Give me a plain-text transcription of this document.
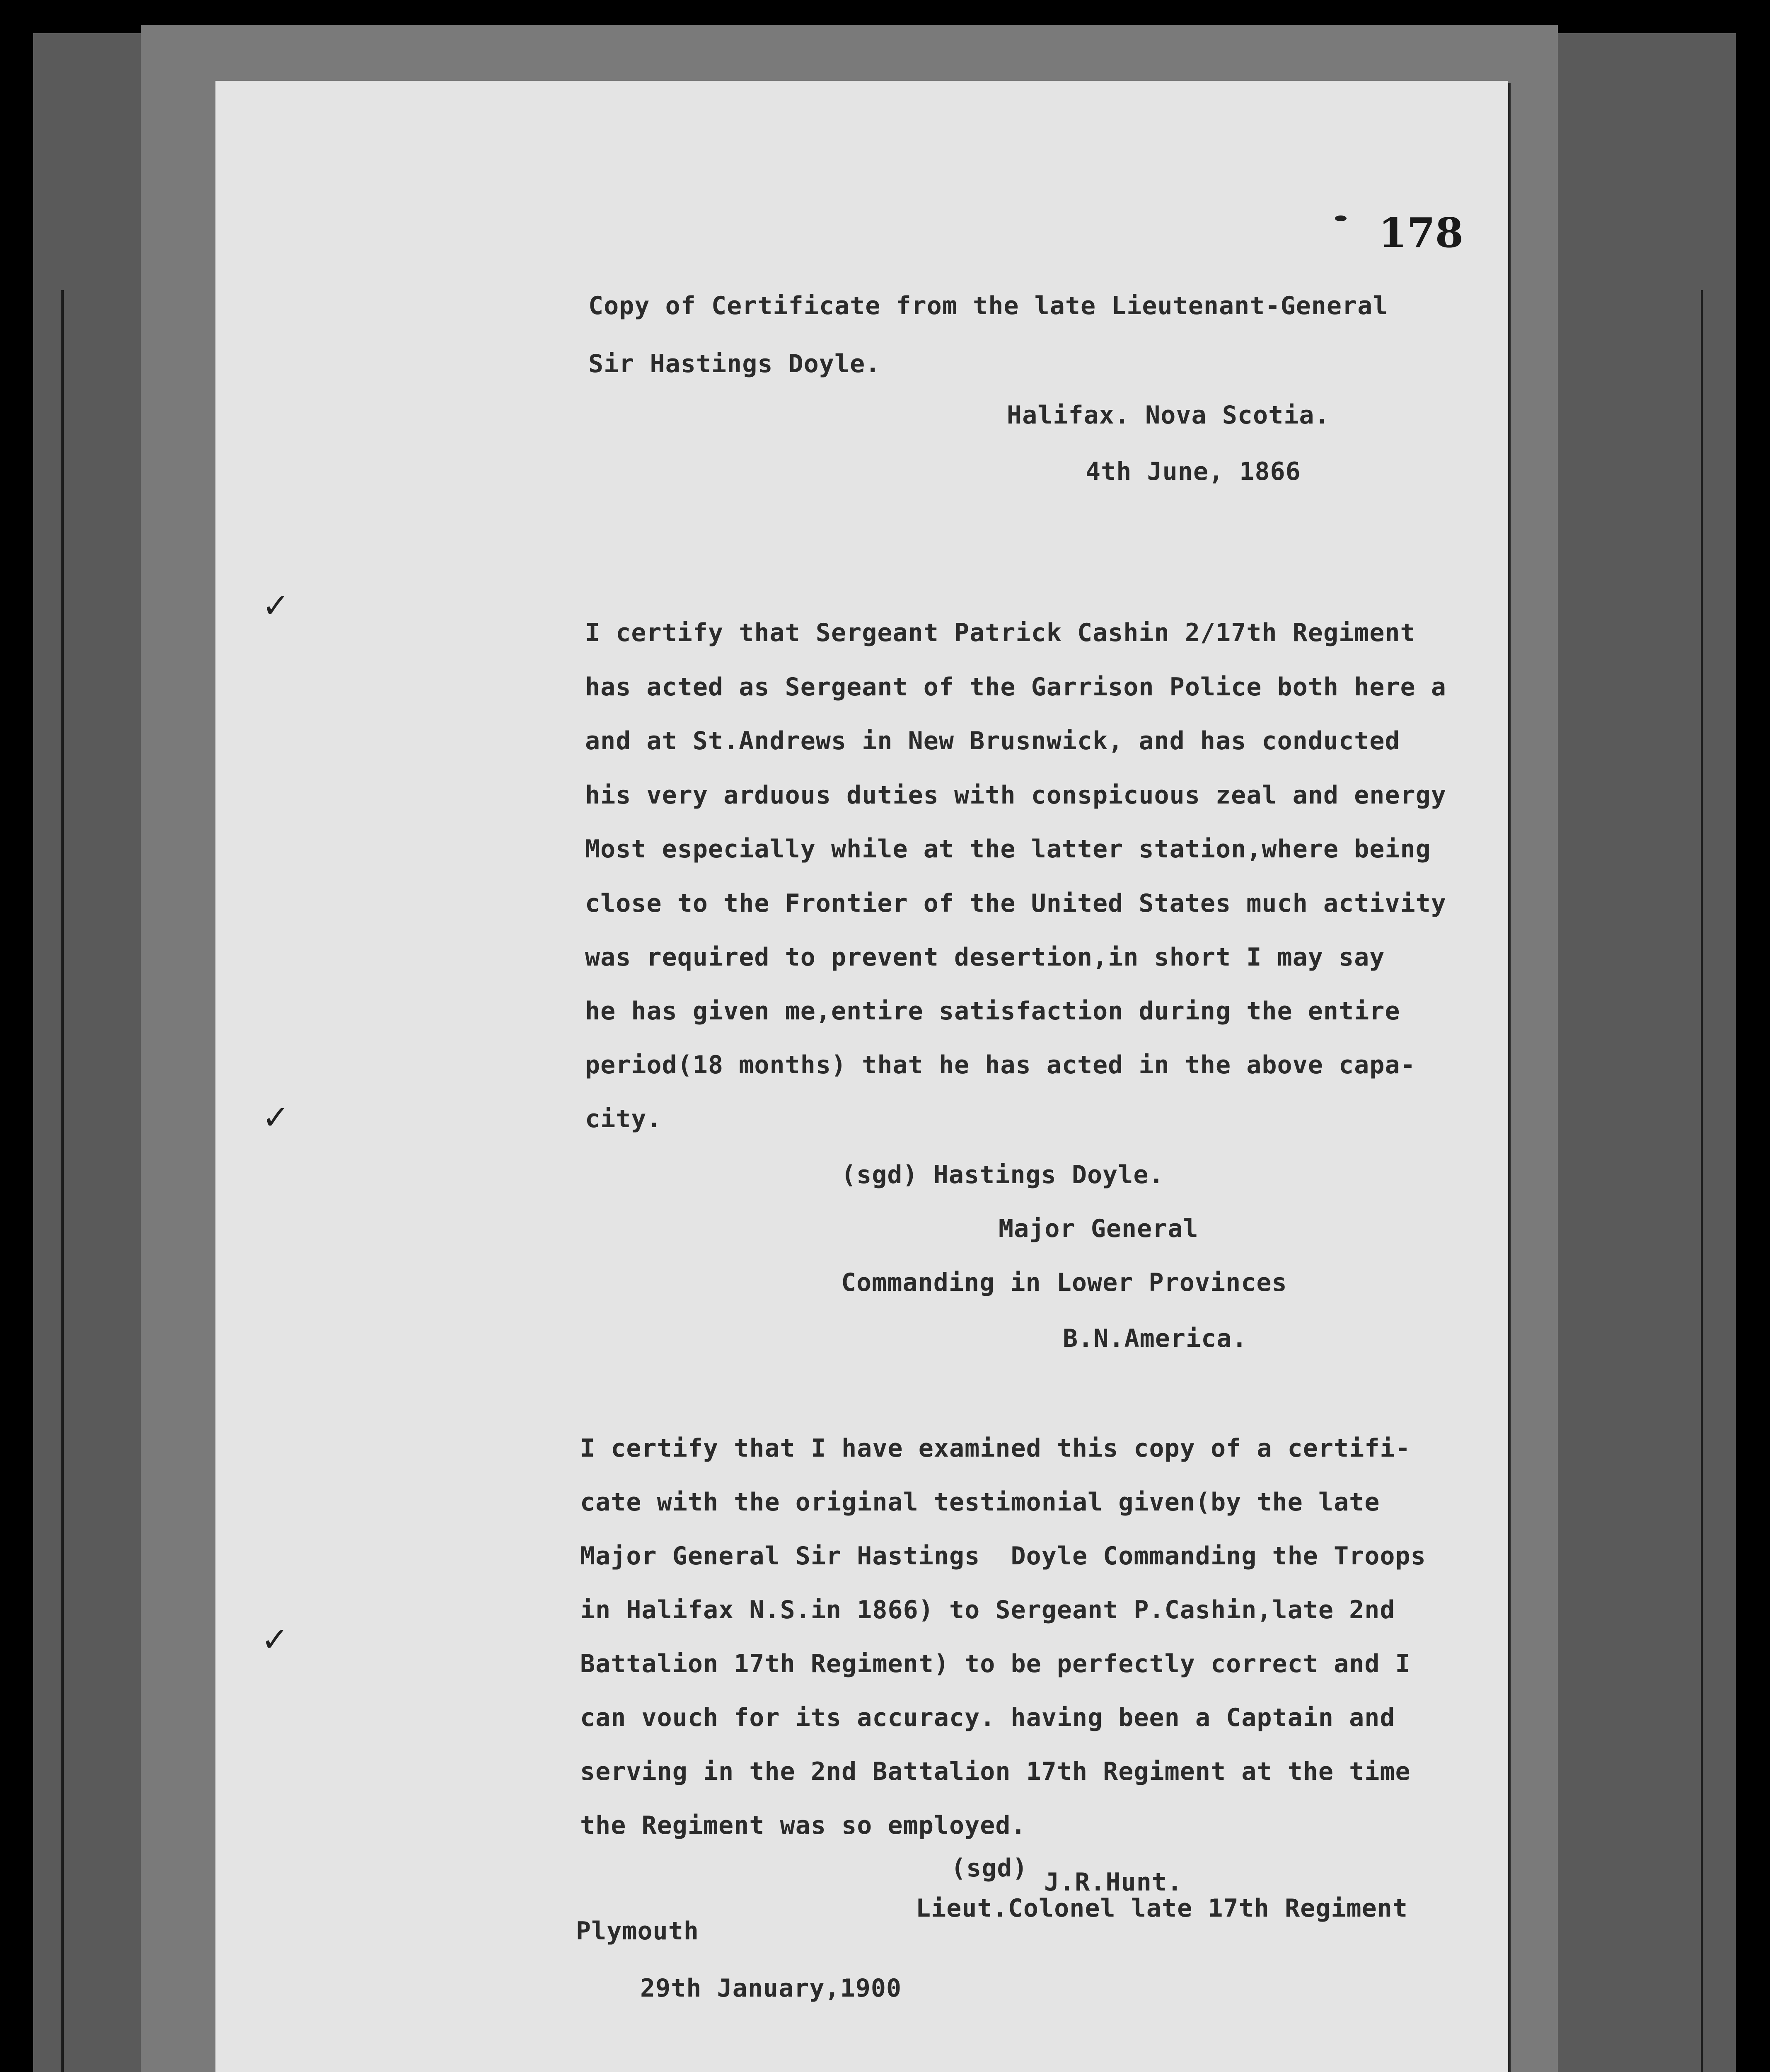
✓
✓
✓
178
Copy of Certificate from the late Lieutenant-General
Sir Hastings Doyle.
Halifax. Nova Scotia.
4th June, 1866
I certify that Sergeant Patrick Cashin 2/17th Regiment
has acted as Sergeant of the Garrison Police both here a
and at St.Andrews in New Brusnwick, and has conducted
his very arduous duties with conspicuous zeal and energy
Most especially while at the latter station,where being
close to the Frontier of the United States much activity
was required to prevent desertion,in short I may say
he has given me,entire satisfaction during the entire
period(18 months) that he has acted in the above capa-
city.
(sgd) Hastings Doyle.
Major General
Commanding in Lower Provinces
B.N.America.
I certify that I have examined this copy of a certifi-
cate with the original testimonial given(by the late
Major General Sir Hastings  Doyle Commanding the Troops
in Halifax N.S.in 1866) to Sergeant P.Cashin,late 2nd
Battalion 17th Regiment) to be perfectly correct and I
can vouch for its accuracy. having been a Captain and
serving in the 2nd Battalion 17th Regiment at the time
the Regiment was so employed.
(sgd) J.R.Hunt.
Lieut.Colonel late 17th Regiment
Plymouth
29th January,1900
